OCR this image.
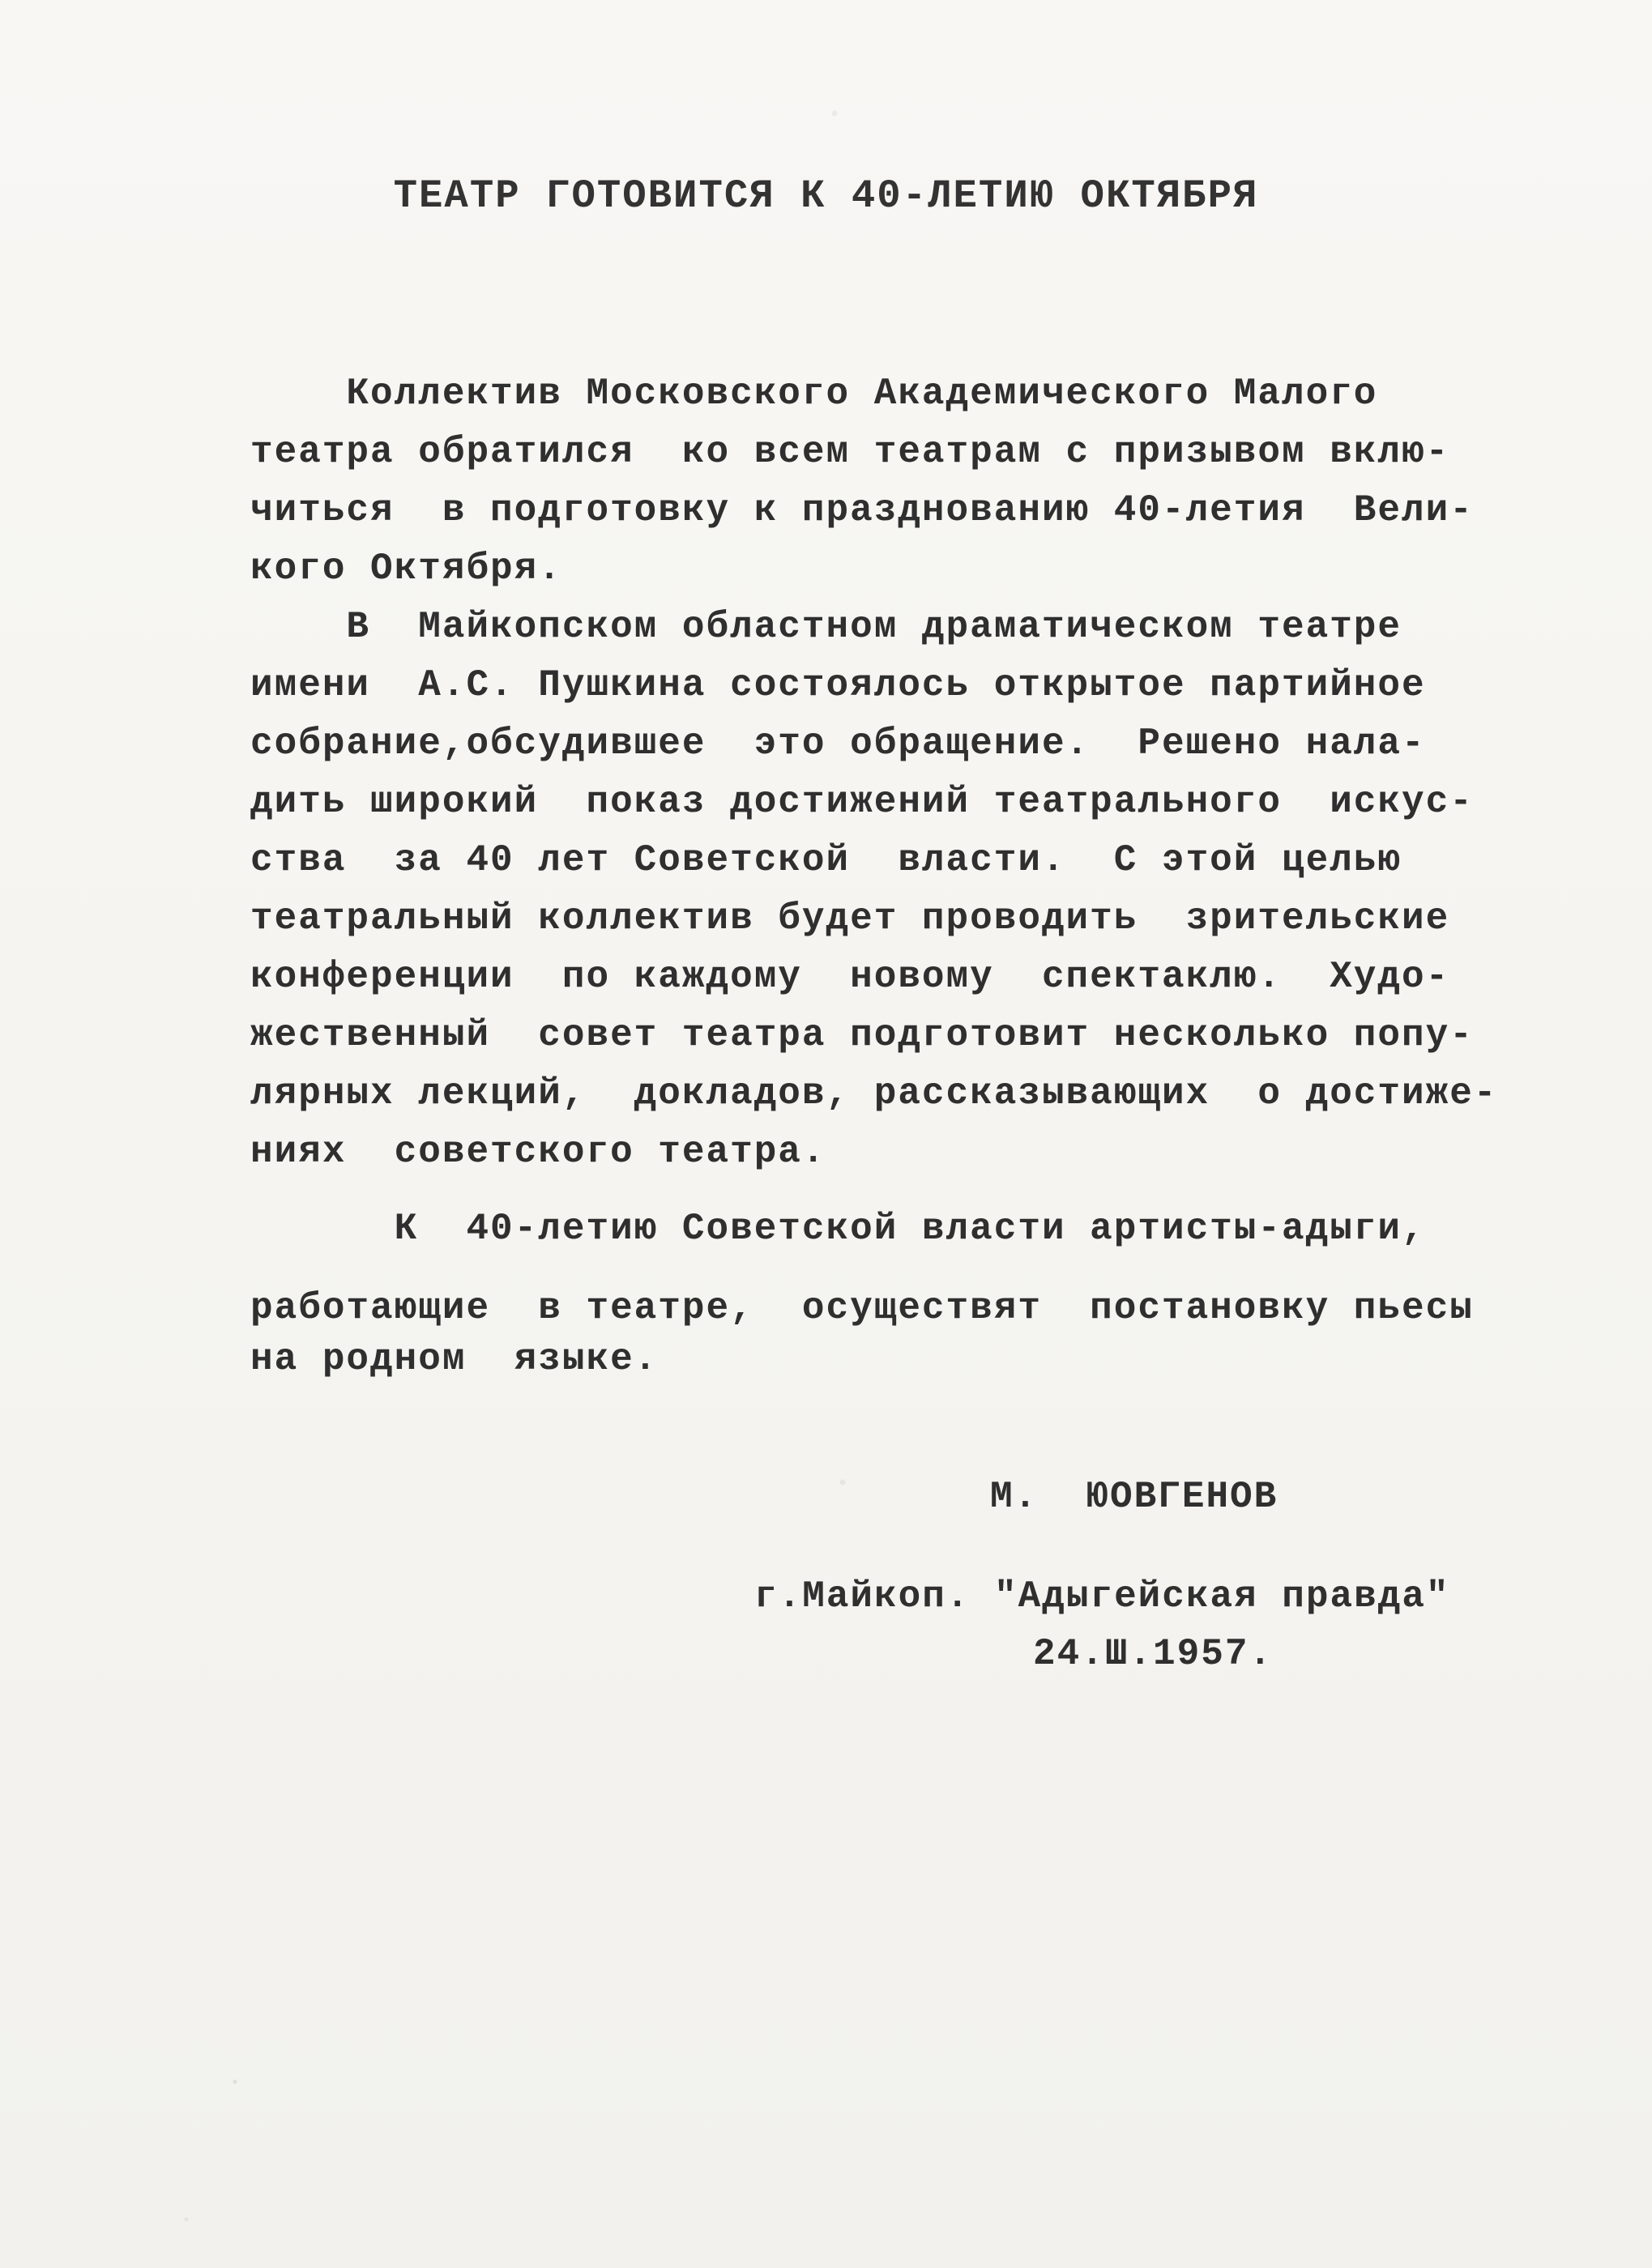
ТЕАТР ГОТОВИТСЯ К 40-ЛЕТИЮ ОКТЯБРЯ
Коллектив Московского Академического Малого
театра обратился  ко всем театрам с призывом вклю-
читься  в подготовку к празднованию 40-летия  Вели-
кого Октября.
В  Майкопском областном драматическом театре
имени  А.С. Пушкина состоялось открытое партийное
собрание,обсудившее  это обращение.  Решено нала-
дить широкий  показ достижений театрального  искус-
ства  за 40 лет Советской  власти.  С этой целью
театральный коллектив будет проводить  зрительские
конференции  по каждому  новому  спектаклю.  Худо-
жественный  совет театра подготовит несколько попу-
лярных лекций,  докладов, рассказывающих  о достиже-
ниях  советского театра.
К  40-летию Советской власти артисты-адыги,
работающие  в театре,  осуществят  постановку пьесы
на родном  языке.
М.  ЮОВГЕНОВ
г.Майкоп. "Адыгейская правда"
24.Ш.1957.
